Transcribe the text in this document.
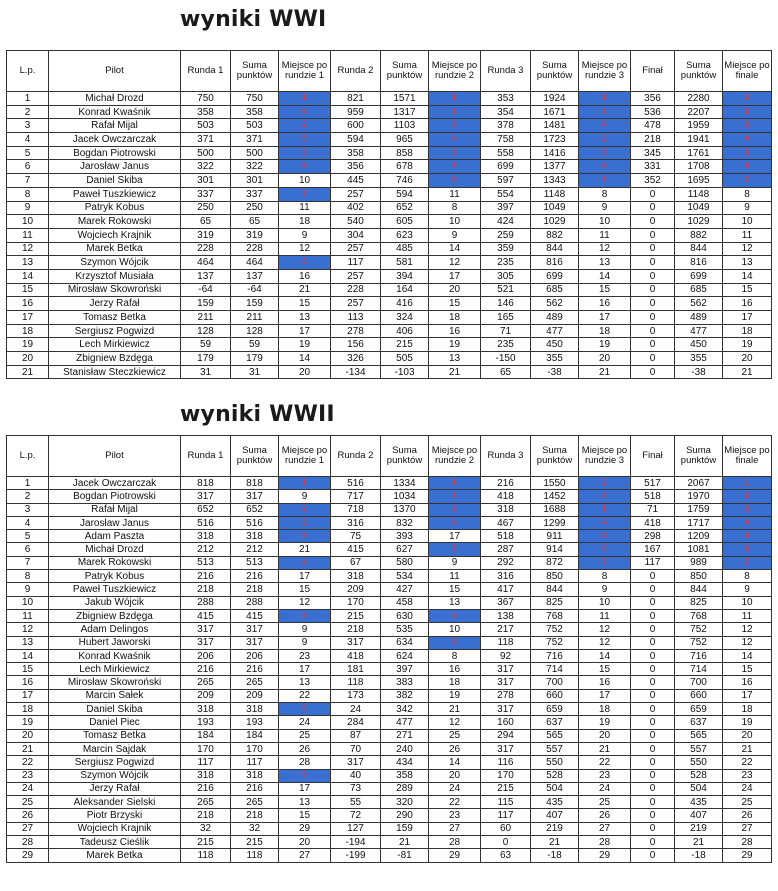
wyniki WWI
L.p.	Pilot	Runda 1	Suma punktów	Miejsce po rundzie 1	Runda 2	Suma punktów	Miejsce po rundzie 2	Runda 3	Suma punktów	Miejsce po rundzie 3	Finał	Suma punktów	Miejsce po finale
1	Michał Drozd	750	750	1	821	1571	1	353	1924	1	356	2280	2
2	Konrad Kwaśnik	358	358	6	959	1317	2	354	1671	3	536	2207	2
3	Rafał Mijal	503	503	2	600	1103	3	378	1481	4	478	1959	3
4	Jacek Owczarczak	371	371	5	594	965	4	758	1723	2	218	1941	4
5	Bogdan Piotrowski	500	500	3	358	858	5	558	1416	5	345	1761	5
6	Jarosław Janus	322	322	8	356	678	7	699	1377	6	331	1708	6
7	Daniel Skiba	301	301	10	445	746	6	597	1343	7	352	1695	7
8	Paweł Tuszkiewicz	337	337	7	257	594	11	554	1148	8	0	1148	8
9	Patryk Kobus	250	250	11	402	652	8	397	1049	9	0	1049	9
10	Marek Rokowski	65	65	18	540	605	10	424	1029	10	0	1029	10
11	Wojciech Krajnik	319	319	9	304	623	9	259	882	11	0	882	11
12	Marek Betka	228	228	12	257	485	14	359	844	12	0	844	12
13	Szymon Wójcik	464	464	4	117	581	12	235	816	13	0	816	13
14	Krzysztof Musiała	137	137	16	257	394	17	305	699	14	0	699	14
15	Mirosław Skowroński	-64	-64	21	228	164	20	521	685	15	0	685	15
16	Jerzy Rafał	159	159	15	257	416	15	146	562	16	0	562	16
17	Tomasz Betka	211	211	13	113	324	18	165	489	17	0	489	17
18	Sergiusz Pogwizd	128	128	17	278	406	16	71	477	18	0	477	18
19	Lech Mirkiewicz	59	59	19	156	215	19	235	450	19	0	450	19
20	Zbigniew Bzdęga	179	179	14	326	505	13	-150	355	20	0	355	20
21	Stanisław Steczkiewicz	31	31	20	-134	-103	21	65	-38	21	0	-38	21
wyniki WWII
L.p.	Pilot	Runda 1	Suma punktów	Miejsce po rundzie 1	Runda 2	Suma punktów	Miejsce po rundzie 2	Runda 3	Suma punktów	Miejsce po rundzie 3	Finał	Suma punktów	Miejsce po finale
1	Jacek Owczarczak	818	818	1	516	1334	1	216	1550	2	517	2067	1
2	Bogdan Piotrowski	317	317	9	717	1034	3	418	1452	3	518	1970	2
3	Rafał Mijal	652	652	2	718	1370	2	318	1688	1	71	1759	3
4	Jarosław Janus	516	516	3	316	832	4	467	1299	4	418	1717	4
5	Adam Paszta	318	318	5	75	393	17	518	911	5	298	1209	5
6	Michał Drozd	212	212	21	415	627	7	287	914	6	167	1081	6
7	Marek Rokowski	513	513	4	67	580	9	292	872	7	117	989	7
8	Patryk Kobus	216	216	17	318	534	11	316	850	8	0	850	8
9	Paweł Tuszkiewicz	218	218	15	209	427	15	417	844	9	0	844	9
10	Jakub Wójcik	288	288	12	170	458	13	367	825	10	0	825	10
11	Zbigniew Bzdęga	415	415	5	215	630	6	138	768	11	0	768	11
12	Adam Delingos	317	317	9	218	535	10	217	752	12	0	752	12
13	Hubert Jaworski	317	317	9	317	634	5	118	752	12	0	752	12
14	Konrad Kwaśnik	206	206	23	418	624	8	92	716	14	0	716	14
15	Lech Mirkiewicz	216	216	17	181	397	16	317	714	15	0	714	15
16	Mirosław Skowroński	265	265	13	118	383	18	317	700	16	0	700	16
17	Marcin Sałek	209	209	22	173	382	19	278	660	17	0	660	17
18	Daniel Skiba	318	318	6	24	342	21	317	659	18	0	659	18
19	Daniel Piec	193	193	24	284	477	12	160	637	19	0	637	19
20	Tomasz Betka	184	184	25	87	271	25	294	565	20	0	565	20
21	Marcin Sajdak	170	170	26	70	240	26	317	557	21	0	557	21
22	Sergiusz Pogwizd	117	117	28	317	434	14	116	550	22	0	550	22
23	Szymon Wójcik	318	318	6	40	358	20	170	528	23	0	528	23
24	Jerzy Rafał	216	216	17	73	289	24	215	504	24	0	504	24
25	Aleksander Sielski	265	265	13	55	320	22	115	435	25	0	435	25
26	Piotr Brzyski	218	218	15	72	290	23	117	407	26	0	407	26
27	Wojciech Krajnik	32	32	29	127	159	27	60	219	27	0	219	27
28	Tadeusz Cieślik	215	215	20	-194	21	28	0	21	28	0	21	28
29	Marek Betka	118	118	27	-199	-81	29	63	-18	29	0	-18	29
